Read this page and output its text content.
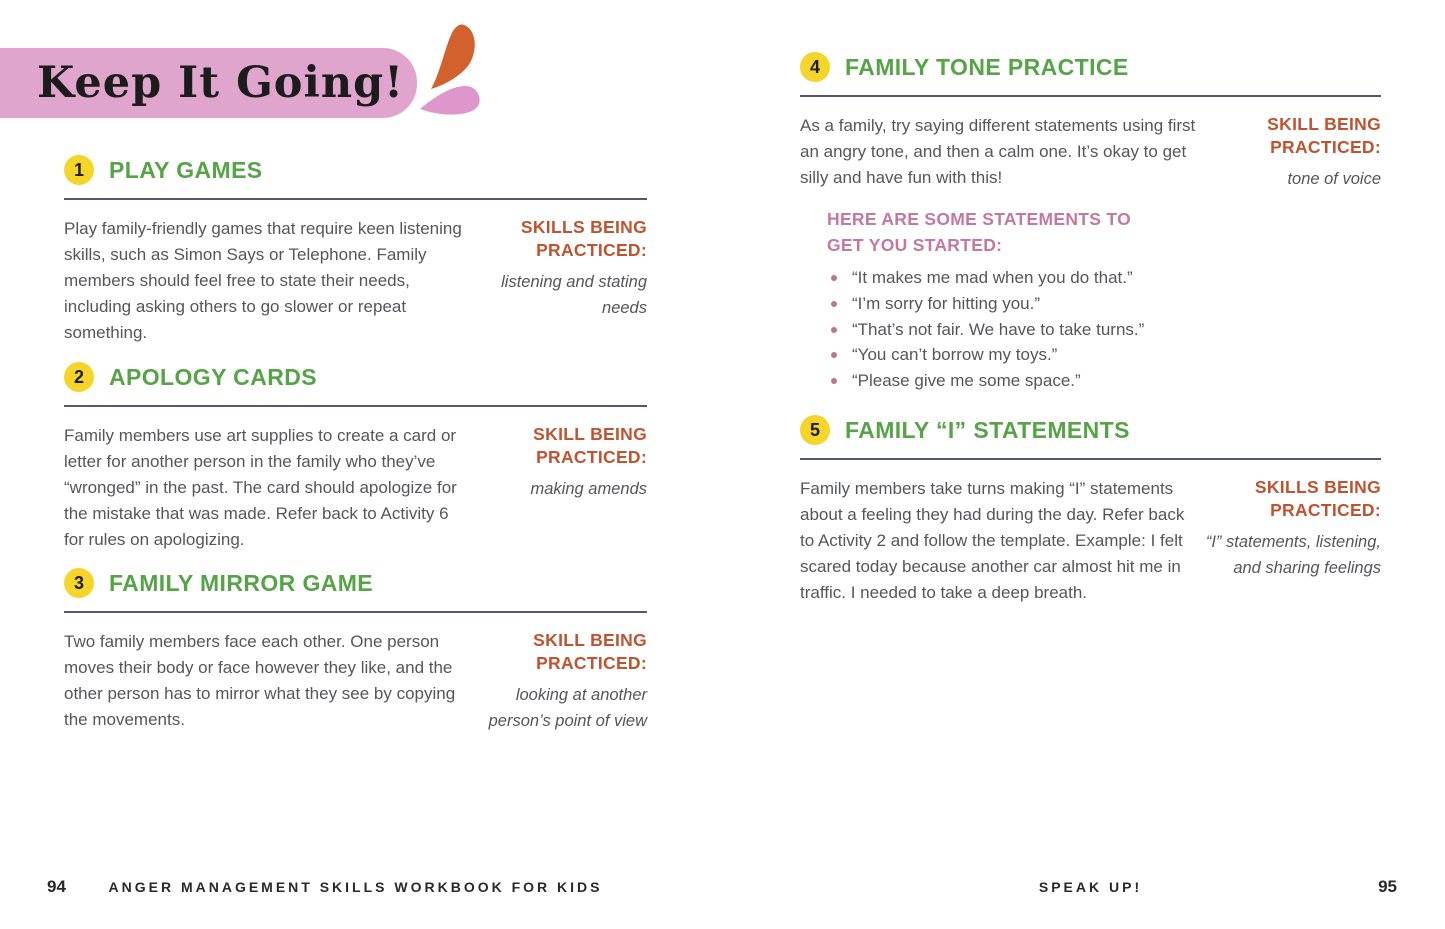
Keep It Going!
1 PLAY GAMES
Play family-friendly games that require keen listening skills, such as Simon Says or Telephone. Family members should feel free to state their needs, including asking others to go slower or repeat something.
SKILLS BEING PRACTICED:
listening and stating needs
2 APOLOGY CARDS
Family members use art supplies to create a card or letter for another person in the family who they’ve “wronged” in the past. The card should apologize for the mistake that was made. Refer back to Activity 6 for rules on apologizing.
SKILL BEING PRACTICED:
making amends
3 FAMILY MIRROR GAME
Two family members face each other. One person moves their body or face however they like, and the other person has to mirror what they see by copying the movements.
SKILL BEING PRACTICED:
looking at another person’s point of view
4 FAMILY TONE PRACTICE
As a family, try saying different statements using first an angry tone, and then a calm one. It’s okay to get silly and have fun with this!
SKILL BEING PRACTICED:
tone of voice
HERE ARE SOME STATEMENTS TO GET YOU STARTED:
“It makes me mad when you do that.”
“I’m sorry for hitting you.”
“That’s not fair. We have to take turns.”
“You can’t borrow my toys.”
“Please give me some space.”
5 FAMILY “I” STATEMENTS
Family members take turns making “I” statements about a feeling they had during the day. Refer back to Activity 2 and follow the template. Example: I felt scared today because another car almost hit me in traffic. I needed to take a deep breath.
SKILLS BEING PRACTICED:
“I” statements, listening, and sharing feelings
94	ANGER MANAGEMENT SKILLS WORKBOOK FOR KIDS	SPEAK UP!	95
